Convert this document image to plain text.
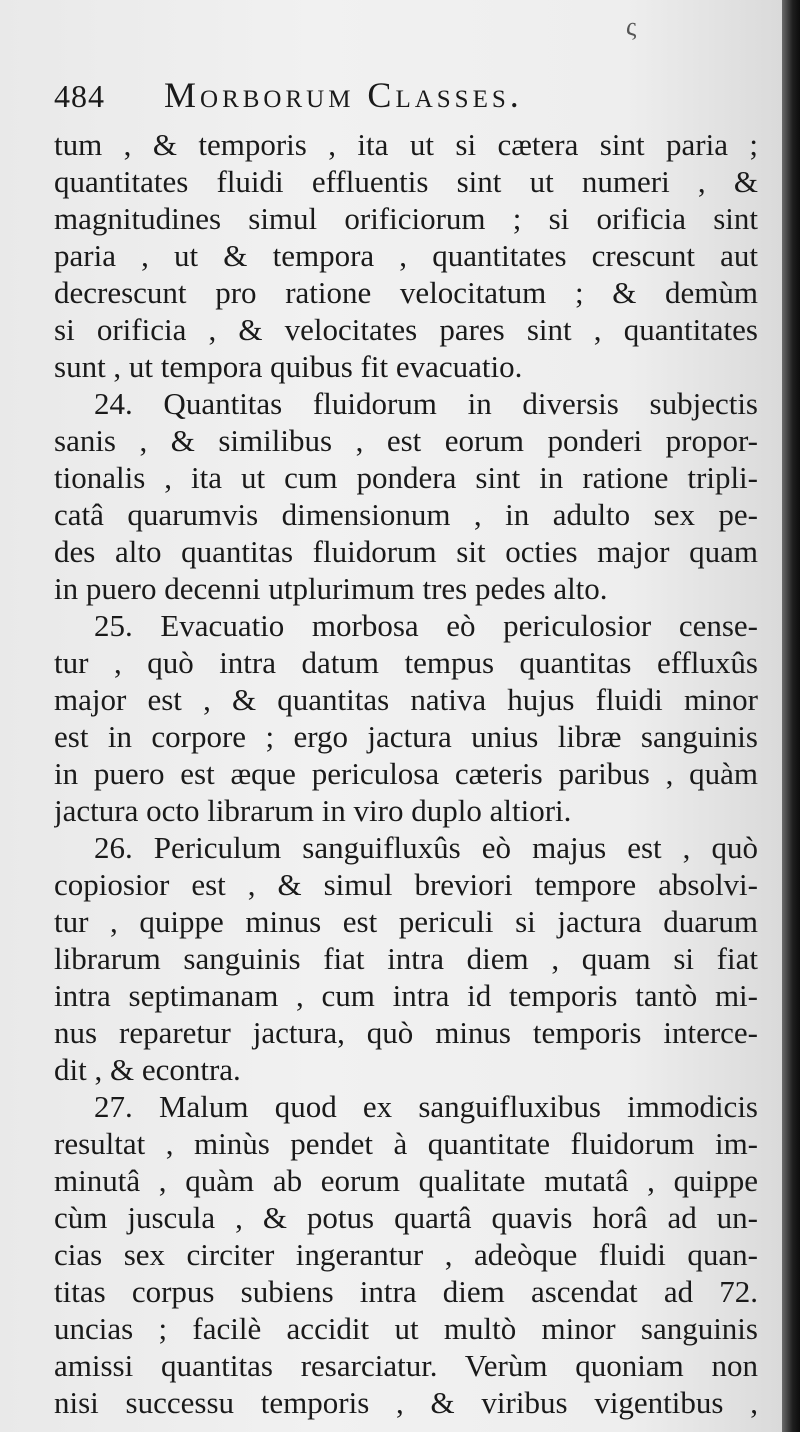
ς
484	Morborum Classes.
tum , & temporis , ita ut si cætera sint paria ;
quantitates fluidi effluentis sint ut numeri , &
magnitudines simul orificiorum ; si orificia sint
paria , ut & tempora , quantitates crescunt aut
decrescunt pro ratione velocitatum ; & demùm
si orificia , & velocitates pares sint , quantitates
sunt , ut tempora quibus fit evacuatio.
24. Quantitas fluidorum in diversis subjectis
sanis , & similibus , est eorum ponderi propor-
tionalis , ita ut cum pondera sint in ratione tripli-
catâ quarumvis dimensionum , in adulto sex pe-
des alto quantitas fluidorum sit octies major quam
in puero decenni utplurimum tres pedes alto.
25. Evacuatio morbosa eò periculosior cense-
tur , quò intra datum tempus quantitas effluxûs
major est , & quantitas nativa hujus fluidi minor
est in corpore ; ergo jactura unius libræ sanguinis
in puero est æque periculosa cæteris paribus , quàm
jactura octo librarum in viro duplo altiori.
26. Periculum sanguifluxûs eò majus est , quò
copiosior est , & simul breviori tempore absolvi-
tur , quippe minus est periculi si jactura duarum
librarum sanguinis fiat intra diem , quam si fiat
intra septimanam , cum intra id temporis tantò mi-
nus reparetur jactura, quò minus temporis interce-
dit , & econtra.
27. Malum quod ex sanguifluxibus immodicis
resultat , minùs pendet à quantitate fluidorum im-
minutâ , quàm ab eorum qualitate mutatâ , quippe
cùm juscula , & potus quartâ quavis horâ ad un-
cias sex circiter ingerantur , adeòque fluidi quan-
titas corpus subiens intra diem ascendat ad 72.
uncias ; facilè accidit ut multò minor sanguinis
amissi quantitas resarciatur. Verùm quoniam non
nisi successu temporis , & viribus vigentibus ,
